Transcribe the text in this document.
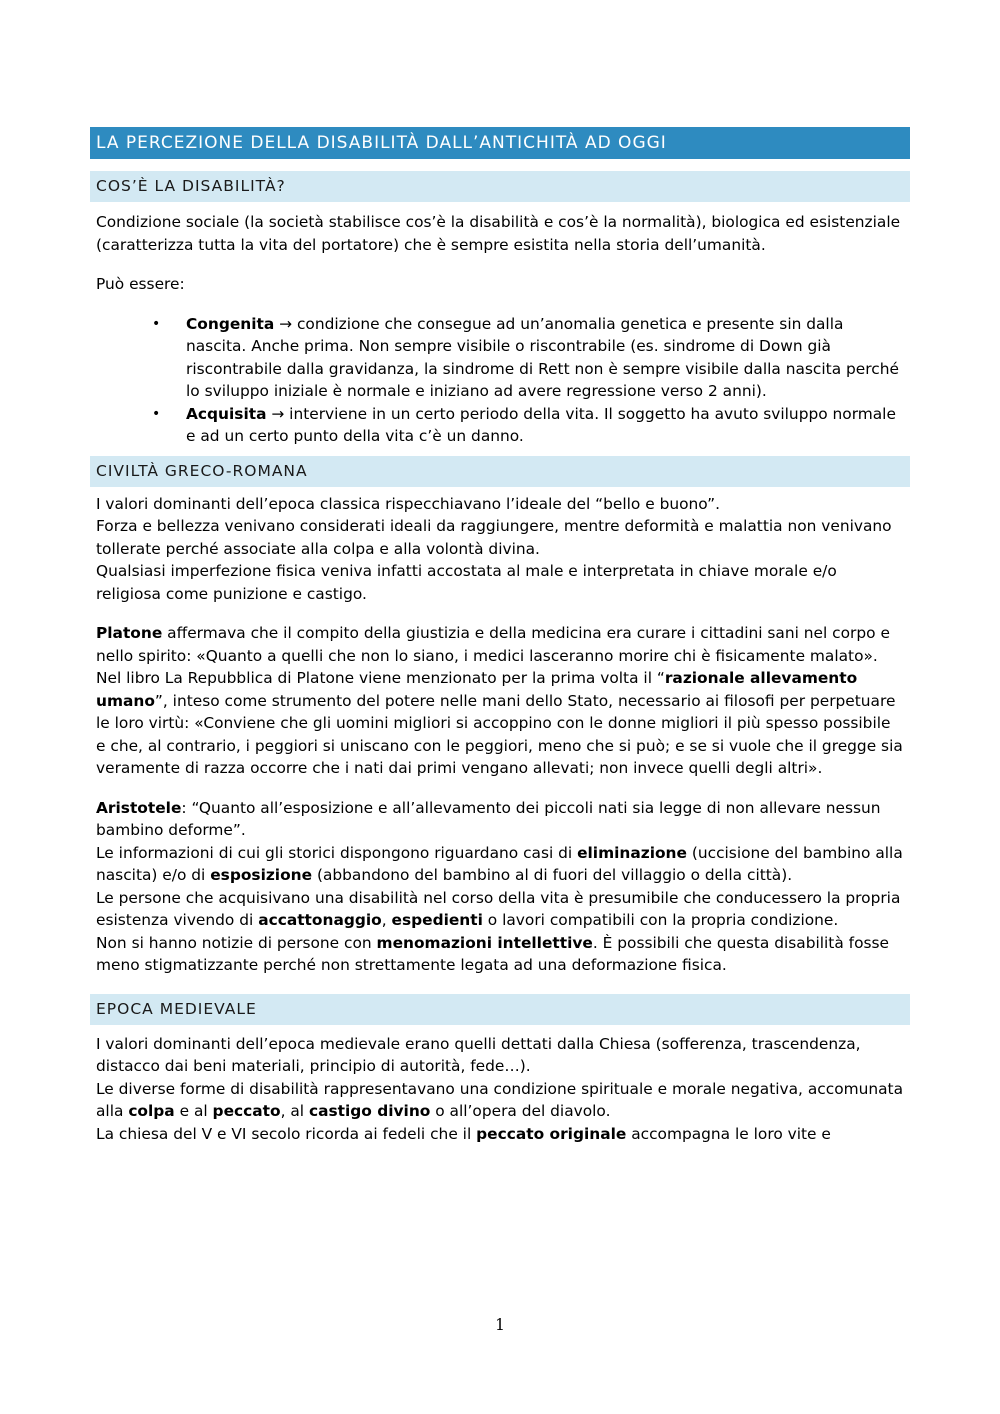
LA PERCEZIONE DELLA DISABILITÀ DALL’ANTICHITÀ AD OGGI
COS’È LA DISABILITÀ?

Condizione sociale (la società stabilisce cos’è la disabilità e cos’è la normalità), biologica ed esistenziale (caratterizza tutta la vita del portatore) che è sempre esistita nella storia dell’umanità.

Può essere:

• Congenita → condizione che consegue ad un’anomalia genetica e presente sin dalla nascita. Anche prima. Non sempre visibile o riscontrabile (es. sindrome di Down già riscontrabile dalla gravidanza, la sindrome di Rett non è sempre visibile dalla nascita perché lo sviluppo iniziale è normale e iniziano ad avere regressione verso 2 anni).
• Acquisita → interviene in un certo periodo della vita. Il soggetto ha avuto sviluppo normale e ad un certo punto della vita c’è un danno.
CIVILTÀ GRECO-ROMANA

I valori dominanti dell’epoca classica rispecchiavano l’ideale del “bello e buono”.

Forza e bellezza venivano considerati ideali da raggiungere, mentre deformità e malattia non venivano tollerate perché associate alla colpa e alla volontà divina.

Qualsiasi imperfezione fisica veniva infatti accostata al male e interpretata in chiave morale e/o religiosa come punizione e castigo.

Platone affermava che il compito della giustizia e della medicina era curare i cittadini sani nel corpo e nello spirito: «Quanto a quelli che non lo siano, i medici lasceranno morire chi è fisicamente malato».

Nel libro La Repubblica di Platone viene menzionato per la prima volta il “razionale allevamento umano”, inteso come strumento del potere nelle mani dello Stato, necessario ai filosofi per perpetuare le loro virtù: «Conviene che gli uomini migliori si accoppino con le donne migliori il più spesso possibile e che, al contrario, i peggiori si uniscano con le peggiori, meno che si può; e se si vuole che il gregge sia veramente di razza occorre che i nati dai primi vengano allevati; non invece quelli degli altri».

Aristotele: “Quanto all’esposizione e all’allevamento dei piccoli nati sia legge di non allevare nessun bambino deforme”.

Le informazioni di cui gli storici dispongono riguardano casi di eliminazione (uccisione del bambino alla nascita) e/o di esposizione (abbandono del bambino al di fuori del villaggio o della città).

Le persone che acquisivano una disabilità nel corso della vita è presumibile che conducessero la propria esistenza vivendo di accattonaggio, espedienti o lavori compatibili con la propria condizione.

Non si hanno notizie di persone con menomazioni intellettive. È possibili che questa disabilità fosse meno stigmatizzante perché non strettamente legata ad una deformazione fisica.

EPOCA MEDIEVALE

I valori dominanti dell’epoca medievale erano quelli dettati dalla Chiesa (sofferenza, trascendenza, distacco dai beni materiali, principio di autorità, fede…).

Le diverse forme di disabilità rappresentavano una condizione spirituale e morale negativa, accomunata alla colpa e al peccato, al castigo divino o all’opera del diavolo.

La chiesa del V e VI secolo ricorda ai fedeli che il peccato originale accompagna le loro vite e

1
